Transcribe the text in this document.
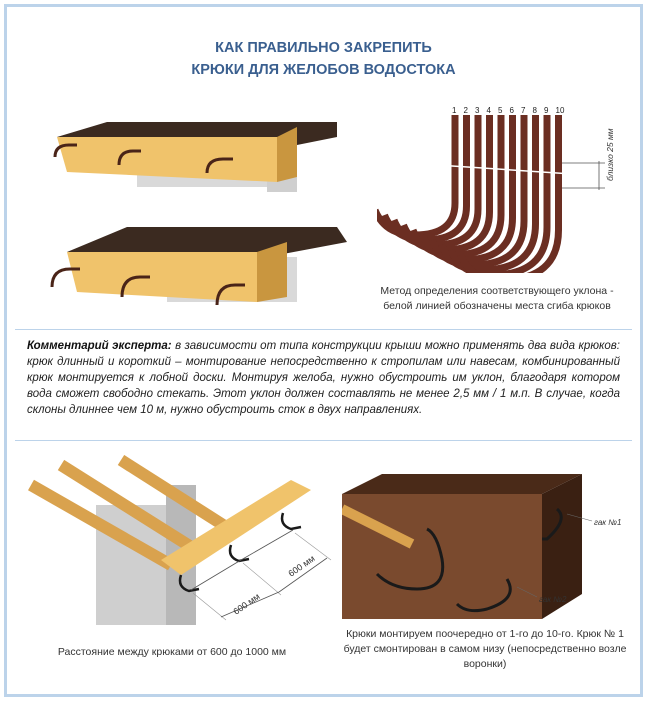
КАК ПРАВИЛЬНО ЗАКРЕПИТЬ
КРЮКИ ДЛЯ ЖЕЛОБОВ ВОДОСТОКА
1 2 3 4 5 6 7 8 9 10
близко 25 мм
Метод определения соответствующего уклона -
белой линией обозначены места сгиба крюков

Комментарий эксперта: в зависимости от типа конструкции крыши можно применять два вида крюков: крюк длинный и короткий – монтирование непосредственно к стропилам или навесам, комбинированный крюк монтируется к лобной доски. Монтируя желоба, нужно обустроить им уклон, благодаря котором вода сможет свободно стекать. Этот уклон должен составлять не менее 2,5 мм / 1 м.п. В случае, когда склоны длиннее чем 10 м, нужно обустроить сток в двух направлениях.

600 мм
600 мм
Расстояние между крюками от 600 до 1000 мм
гак №1
гак №2
Крюки монтируем поочередно от 1-го до 10-го. Крюк № 1
будет смонтирован в самом низу (непосредственно возле
воронки)
